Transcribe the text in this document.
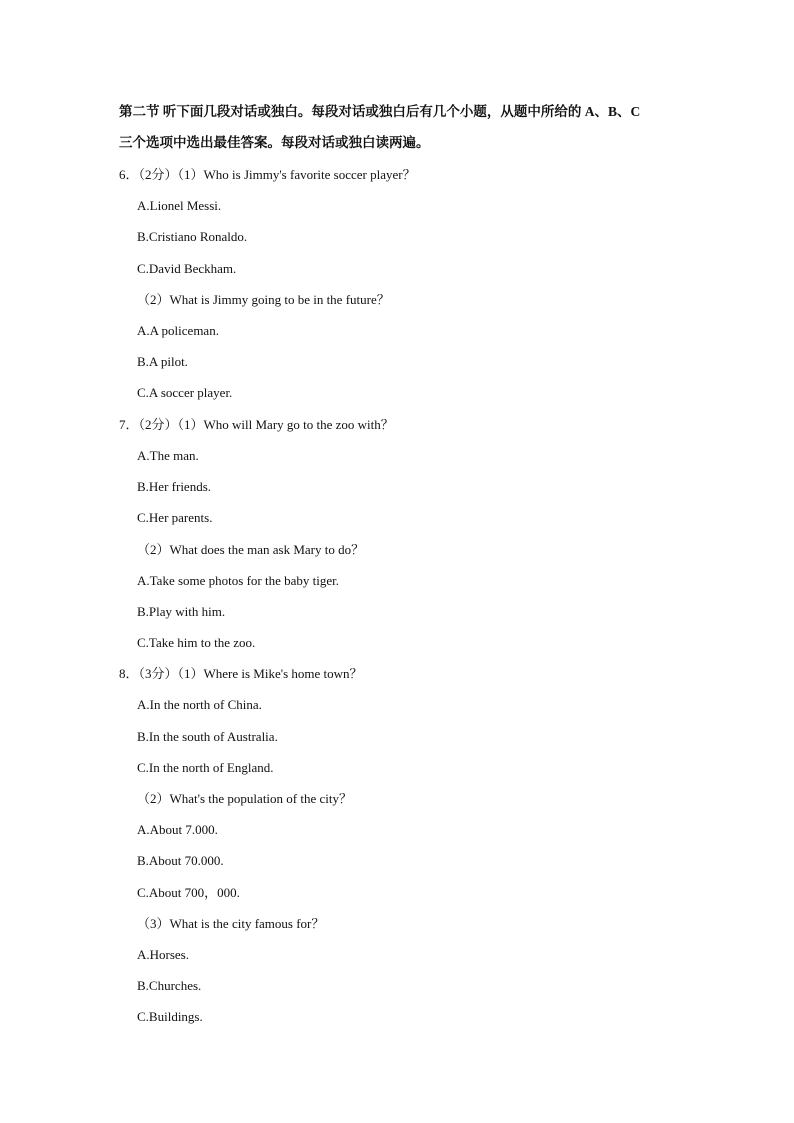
第二节 听下面几段对话或独白。每段对话或独白后有几个小题，从题中所给的 A、B、C
三个选项中选出最佳答案。每段对话或独白读两遍。
6．（2分）（1）Who is Jimmy's favorite soccer player？
A.Lionel Messi.
B.Cristiano Ronaldo.
C.David Beckham.
（2）What is Jimmy going to be in the future？
A.A policeman.
B.A pilot.
C.A soccer player.
7．（2分）（1）Who will Mary go to the zoo with？
A.The man.
B.Her friends.
C.Her parents.
（2）What does the man ask Mary to do？
A.Take some photos for the baby tiger.
B.Play with him.
C.Take him to the zoo.
8．（3分）（1）Where is Mike's home town？
A.In the north of China.
B.In the south of Australia.
C.In the north of England.
（2）What's the population of the city？
A.About 7.000.
B.About 70.000.
C.About 700，000.
（3）What is the city famous for？
A.Horses.
B.Churches.
C.Buildings.
